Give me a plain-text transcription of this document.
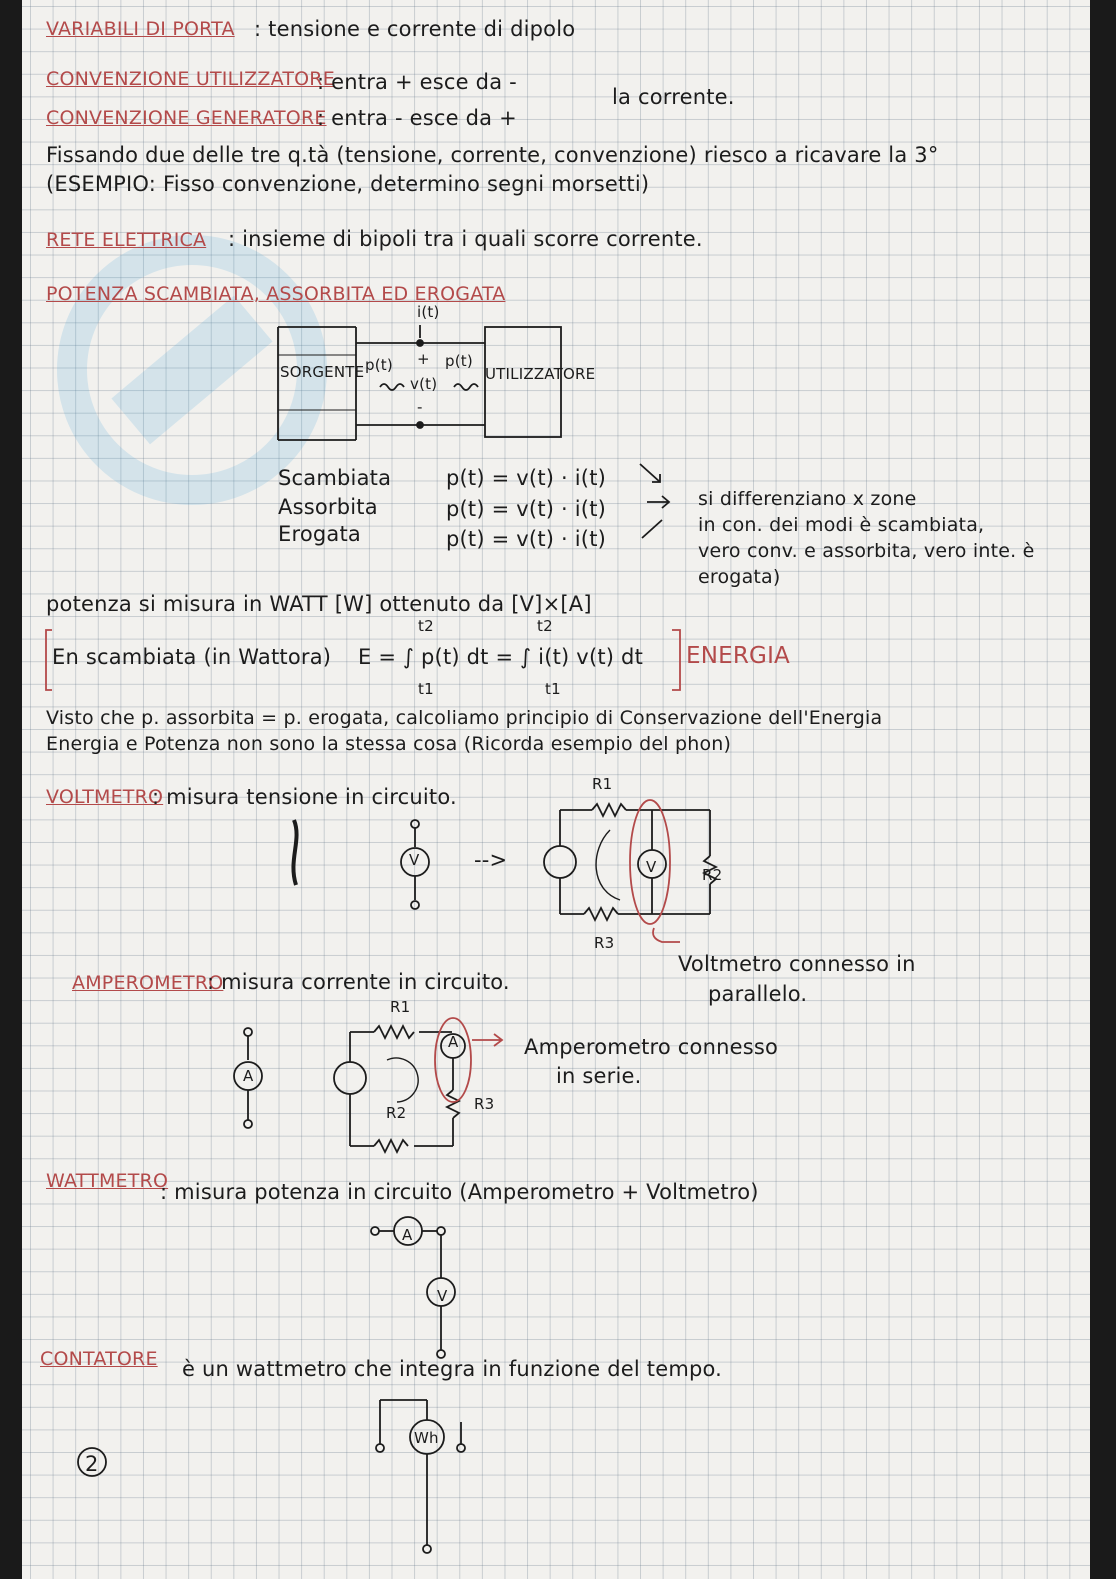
VARIABILI DI PORTA : tensione e corrente di dipolo
CONVENZIONE UTILIZZATORE
: entra + esce da -
CONVENZIONE GENERATORE
: entra - esce da +
la corrente.
Fissando due delle tre q.tà (tensione, corrente, convenzione) riesco a ricavare la 3°
(ESEMPIO: Fisso convenzione, determino segni morsetti)
RETE ELETTRICA : insieme di bipoli tra i quali scorre corrente.
POTENZA SCAMBIATA, ASSORBITA ED EROGATA
SORGENTE	UTILIZZATORE
i(t)
p(t)	p(t)
v(t)
+
-
Scambiata	p(t) = v(t) · i(t)
Assorbita	p(t) = v(t) · i(t)
Erogata	p(t) = v(t) · i(t)
si differenziano x zone
in con. dei modi è scambiata,
vero conv. e assorbita, vero inte. è
erogata)
potenza si misura in WATT [W] ottenuto da [V]×[A]
En scambiata (in Wattora) E = ∫ p(t) dt = ∫ i(t) v(t) dt
t2
t1
t2
t1
ENERGIA
Visto che p. assorbita = p. erogata, calcoliamo principio di Conservazione dell'Energia
Energia e Potenza non sono la stessa cosa (Ricorda esempio del phon)
VOLTMETRO
: misura tensione in circuito.
R1
R2
R3
-->
Voltmetro connesso in
parallelo.
AMPEROMETRO
: misura corrente in circuito.
R1
R2	R3
Amperometro connesso
in serie.
WATTMETRO
: misura potenza in circuito (Amperometro + Voltmetro)
CONTATORE è un wattmetro che integra in funzione del tempo.
V	V
A
A
A
V
Wh
2
